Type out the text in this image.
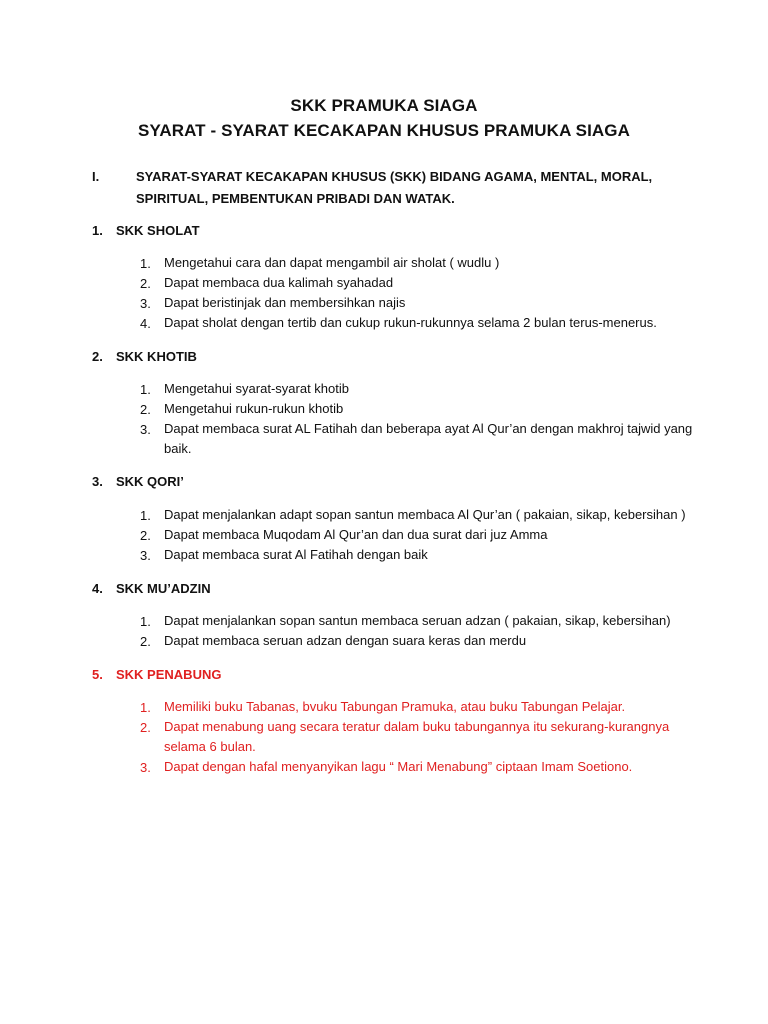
SKK PRAMUKA SIAGA
SYARAT - SYARAT KECAKAPAN KHUSUS PRAMUKA SIAGA
I.	SYARAT-SYARAT KECAKAPAN KHUSUS (SKK) BIDANG AGAMA, MENTAL, MORAL, SPIRITUAL, PEMBENTUKAN PRIBADI DAN WATAK.
1. SKK SHOLAT
1. Mengetahui cara dan dapat mengambil air sholat ( wudlu )
2. Dapat membaca dua kalimah syahadad
3. Dapat beristinjak dan membersihkan najis
4. Dapat sholat dengan tertib dan cukup rukun-rukunnya selama 2 bulan terus-menerus.
2. SKK KHOTIB
1. Mengetahui syarat-syarat khotib
2. Mengetahui rukun-rukun khotib
3. Dapat membaca surat AL Fatihah dan beberapa ayat Al Qur’an dengan makhroj tajwid yang baik.
3. SKK QORI’
1. Dapat menjalankan adapt sopan santun membaca Al Qur’an ( pakaian, sikap, kebersihan )
2. Dapat membaca Muqodam Al Qur’an dan dua surat dari juz Amma
3. Dapat membaca surat Al Fatihah dengan baik
4. SKK MU’ADZIN
1. Dapat menjalankan sopan santun membaca seruan adzan ( pakaian, sikap, kebersihan)
2. Dapat membaca seruan adzan dengan suara keras dan merdu
5. SKK PENABUNG
1. Memiliki buku Tabanas, bvuku Tabungan Pramuka, atau buku Tabungan Pelajar.
2. Dapat menabung uang secara teratur dalam buku tabungannya itu sekurang-kurangnya selama 6 bulan.
3. Dapat dengan hafal menyanyikan lagu “ Mari Menabung” ciptaan Imam Soetiono.
